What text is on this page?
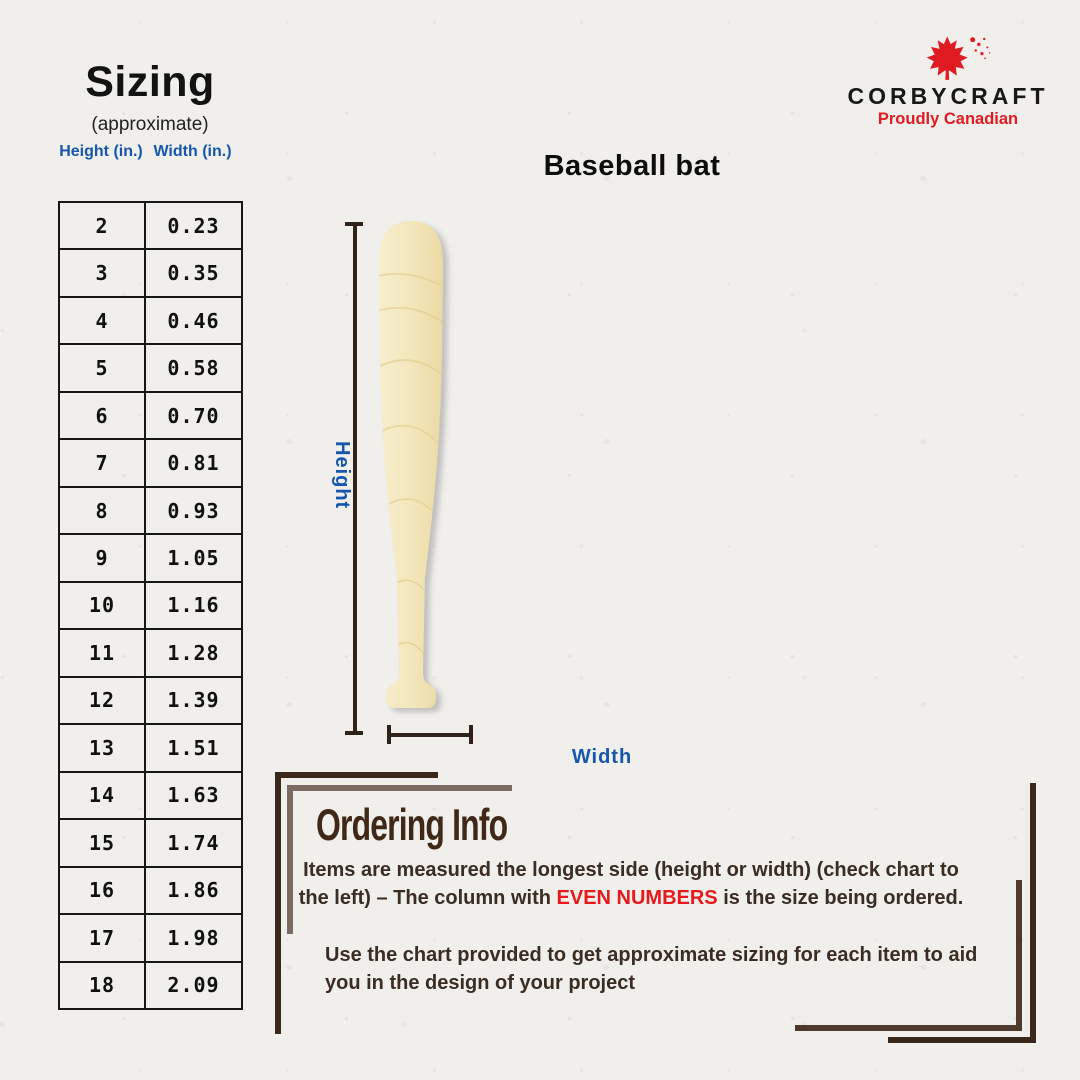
Sizing
(approximate)
Height (in.) Width (in.)
2	0.23
3	0.35
4	0.46
5	0.58
6	0.70
7	0.81
8	0.93
9	1.05
10	1.16
11	1.28
12	1.39
13	1.51
14	1.63
15	1.74
16	1.86
17	1.98
18	2.09
CORBYCRAFT
Proudly Canadian
Baseball bat
Height
Width
Ordering Info
Items are measured the longest side (height or width) (check chart to the left) – The column with EVEN NUMBERS is the size being ordered.
Use the chart provided to get approximate sizing for each item to aid you in the design of your project
